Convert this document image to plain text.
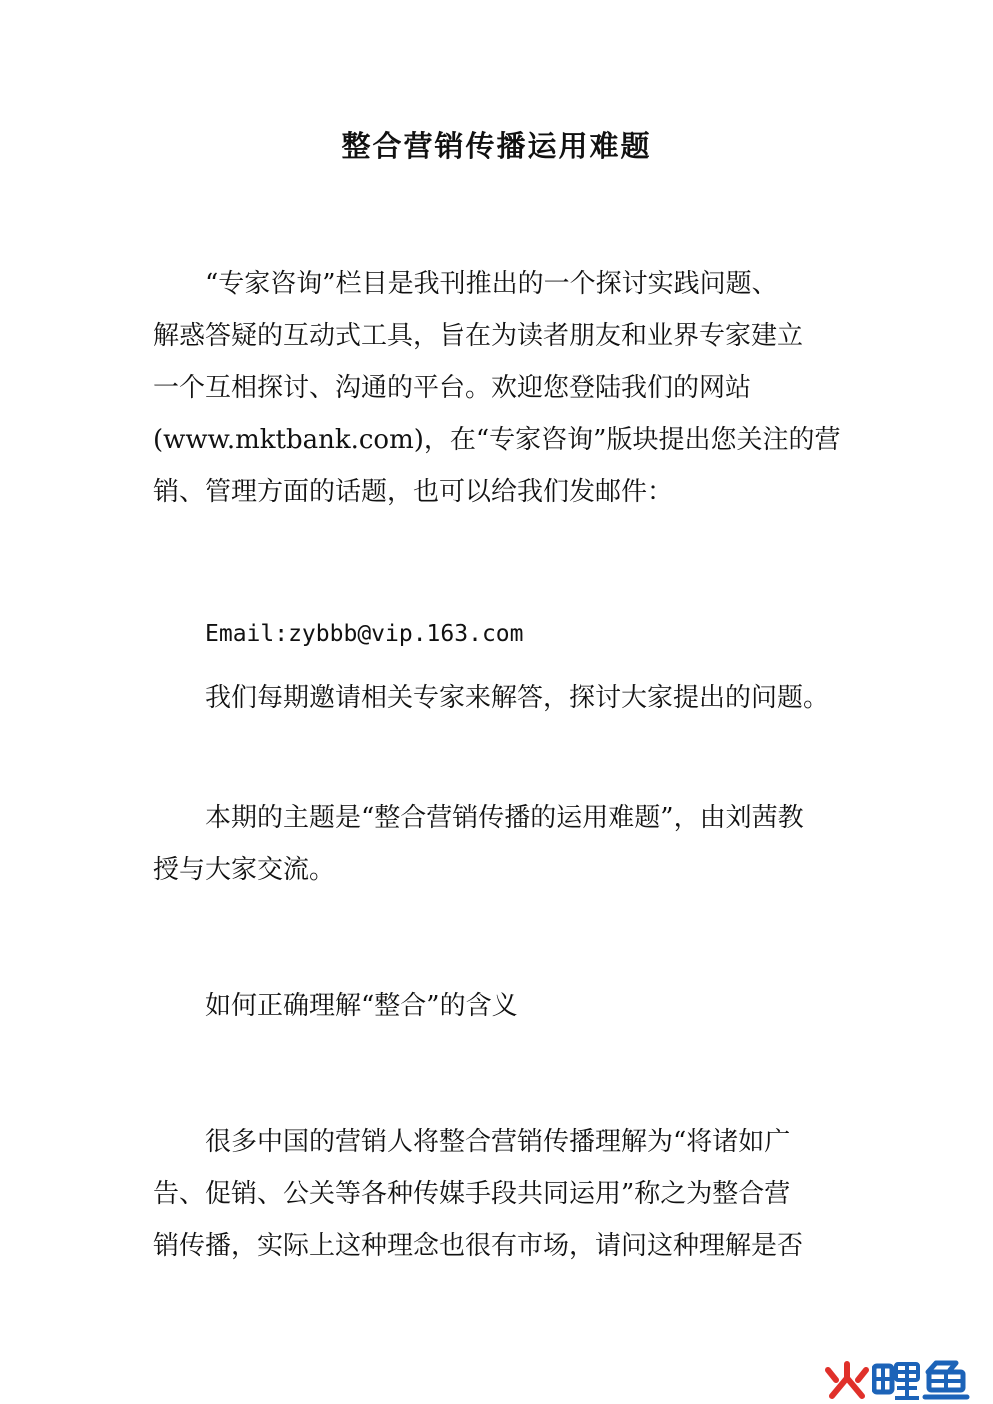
整合营销传播运用难题

“专家咨询”栏目是我刊推出的一个探讨实践问题、

解惑答疑的互动式工具，旨在为读者朋友和业界专家建立

一个互相探讨、沟通的平台。欢迎您登陆我们的网站

(www.mktbank.com)，在“专家咨询”版块提出您关注的营

销、管理方面的话题，也可以给我们发邮件：

Email:zybbb@vip.163.com

我们每期邀请相关专家来解答，探讨大家提出的问题。

本期的主题是“整合营销传播的运用难题”，由刘茜教

授与大家交流。

如何正确理解“整合”的含义

很多中国的营销人将整合营销传播理解为“将诸如广

告、促销、公关等各种传媒手段共同运用”称之为整合营

销传播，实际上这种理念也很有市场，请问这种理解是否
